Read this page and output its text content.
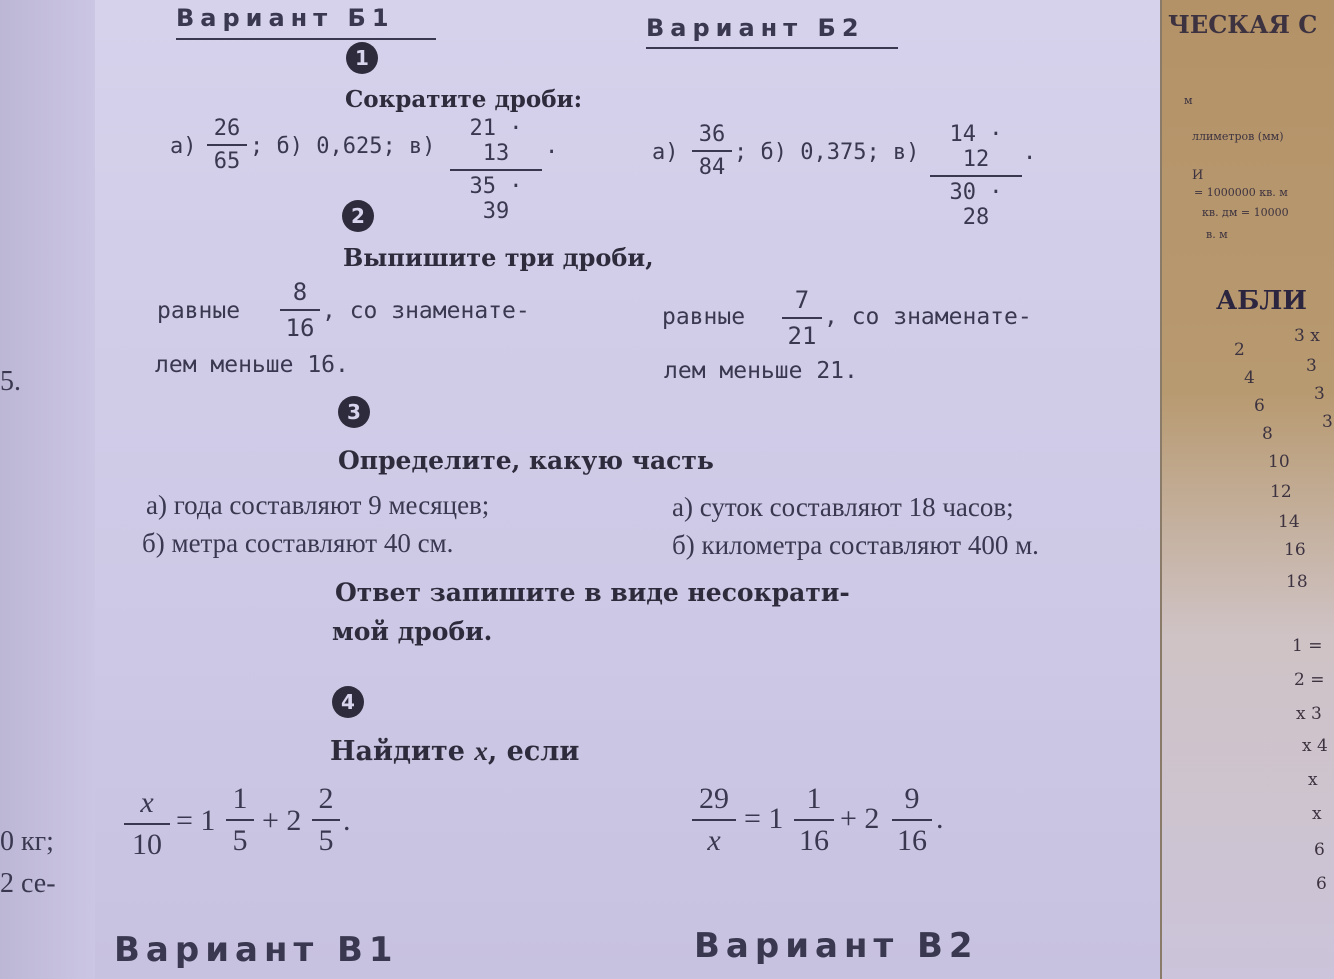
5.
0 кг;
2 се-
Вариант Б1	Вариант Б2
1
Сократите дроби:
а)
26
65
; б) 0,625; в)
21 · 13
35 · 39
.	а)
36
84
; б) 0,375; в)
14 · 12
30 · 28
.
2
Выпишите три дроби,
равные
8
16
, со знаменате-
лем меньше 16.
равные
7
21
, со знаменате-
лем меньше 21.
3
Определите, какую часть
а) года составляют 9 месяцев;
б) метра составляют 40 см.
а) суток составляют 18 часов;
б) километра составляют 400 м.
Ответ запишите в виде несократи-
мой дроби.
4
Найдите x, если
x
10
= 1
1
5
+ 2
2
5
.
29
x
= 1
1
16
+ 2
9
16
.
Вариант В1	Вариант В2
ЧЕСКАЯ С
м
ллиметров (мм)
И
= 1000000 кв. м
кв. дм = 10000
в. м
АБЛИ
2
4
6
8
10
12
14
16
18
1 =
2 =
х 3
х 4
х
х
6
6
3 х
3
3
3
